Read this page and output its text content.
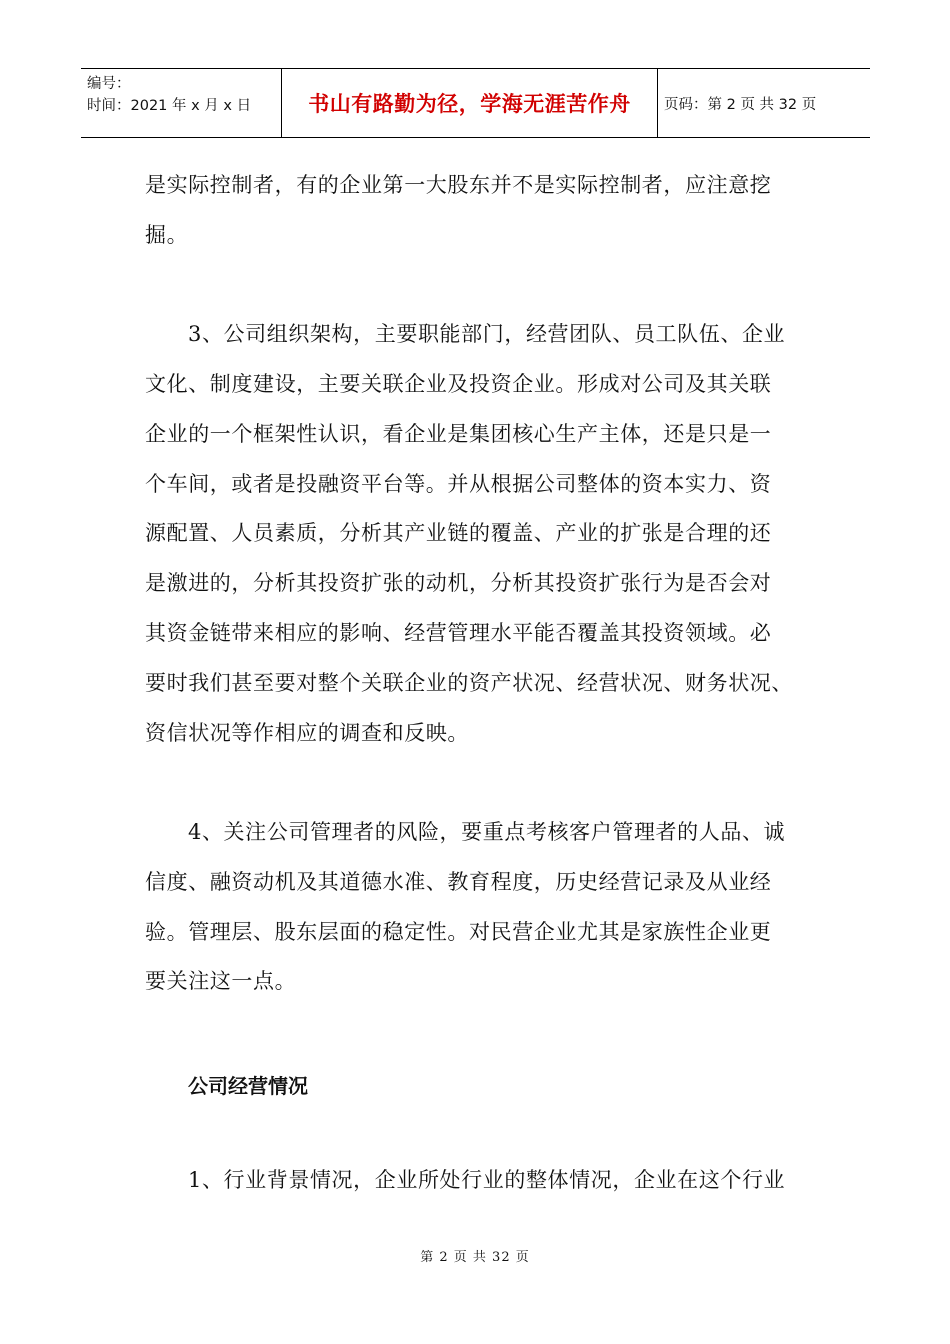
编号：
时间：2021 年 x 月 x 日	书山有路勤为径，学海无涯苦作舟	页码：第 2 页 共 32 页
是实际控制者，有的企业第一大股东并不是实际控制者，应注意挖
掘。
3、公司组织架构，主要职能部门，经营团队、员工队伍、企业
文化、制度建设，主要关联企业及投资企业。形成对公司及其关联
企业的一个框架性认识，看企业是集团核心生产主体，还是只是一
个车间，或者是投融资平台等。并从根据公司整体的资本实力、资
源配置、人员素质，分析其产业链的覆盖、产业的扩张是合理的还
是激进的，分析其投资扩张的动机，分析其投资扩张行为是否会对
其资金链带来相应的影响、经营管理水平能否覆盖其投资领域。必
要时我们甚至要对整个关联企业的资产状况、经营状况、财务状况、
资信状况等作相应的调查和反映。
4、关注公司管理者的风险，要重点考核客户管理者的人品、诚
信度、融资动机及其道德水准、教育程度，历史经营记录及从业经
验。管理层、股东层面的稳定性。对民营企业尤其是家族性企业更
要关注这一点。
公司经营情况
1、行业背景情况，企业所处行业的整体情况，企业在这个行业
第 2 页 共 32 页
